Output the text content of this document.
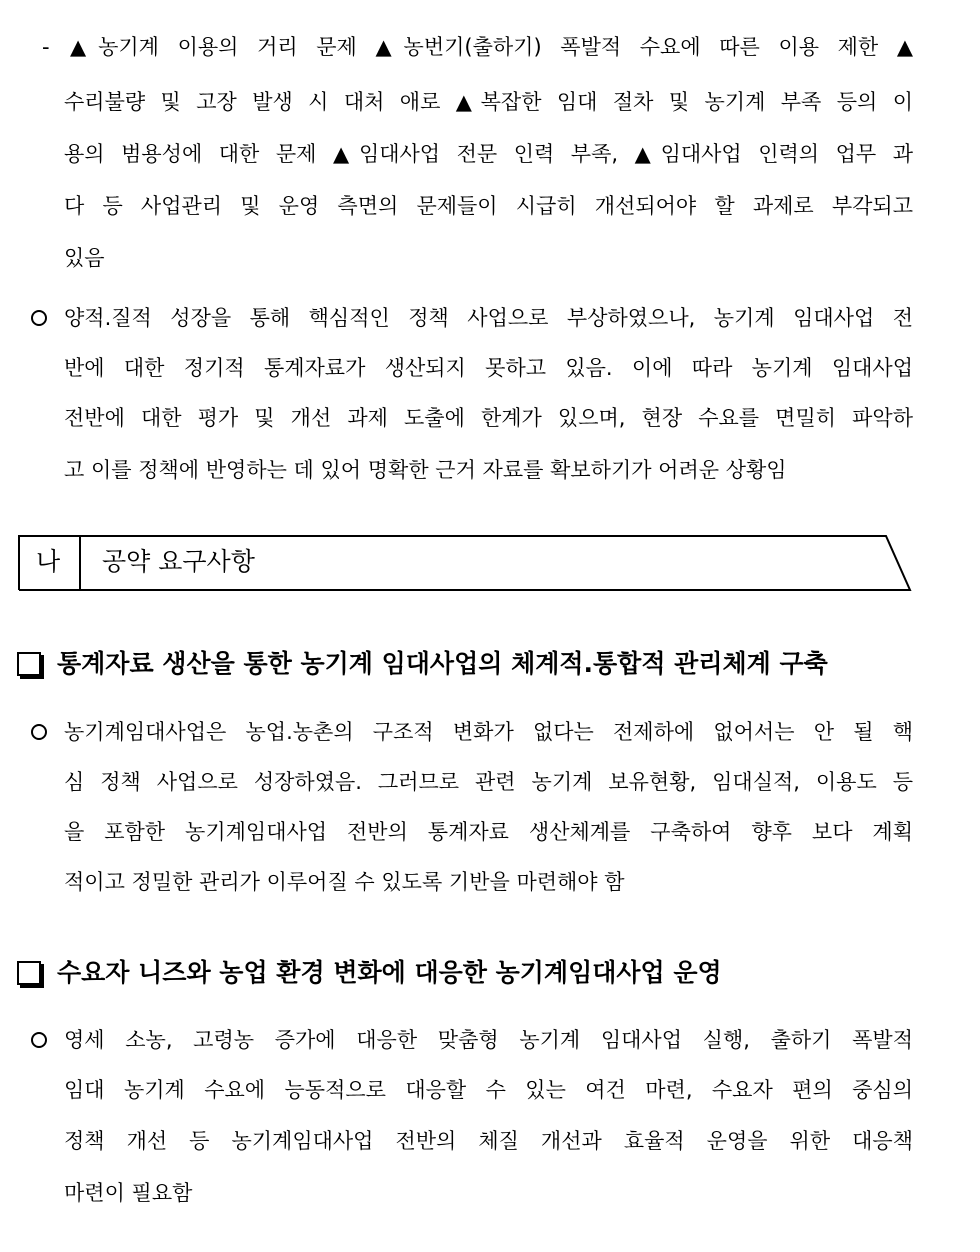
- ▲농기계 이용의 거리 문제 ▲농번기(출하기) 폭발적 수요에 따른 이용 제한 ▲
수리불량 및 고장 발생 시 대처 애로 ▲복잡한 임대 절차 및 농기계 부족 등의 이
용의 범용성에 대한 문제 ▲임대사업 전문 인력 부족, ▲임대사업 인력의 업무 과
다 등 사업관리 및 운영 측면의 문제들이 시급히 개선되어야 할 과제로 부각되고
있음
양적.질적 성장을 통해 핵심적인 정책 사업으로 부상하였으나, 농기계 임대사업 전
반에 대한 정기적 통계자료가 생산되지 못하고 있음. 이에 따라 농기계 임대사업
전반에 대한 평가 및 개선 과제 도출에 한계가 있으며, 현장 수요를 면밀히 파악하
고 이를 정책에 반영하는 데 있어 명확한 근거 자료를 확보하기가 어려운 상황임
나 공약 요구사항
통계자료 생산을 통한 농기계 임대사업의 체계적.통합적 관리체계 구축
농기계임대사업은 농업.농촌의 구조적 변화가 없다는 전제하에 없어서는 안 될 핵
심 정책 사업으로 성장하였음. 그러므로 관련 농기계 보유현황, 임대실적, 이용도 등
을 포함한 농기계임대사업 전반의 통계자료 생산체계를 구축하여 향후 보다 계획
적이고 정밀한 관리가 이루어질 수 있도록 기반을 마련해야 함
수요자 니즈와 농업 환경 변화에 대응한 농기계임대사업 운영
영세 소농, 고령농 증가에 대응한 맞춤형 농기계 임대사업 실행, 출하기 폭발적
임대 농기계 수요에 능동적으로 대응할 수 있는 여건 마련, 수요자 편의 중심의
정책 개선 등 농기계임대사업 전반의 체질 개선과 효율적 운영을 위한 대응책
마련이 필요함
